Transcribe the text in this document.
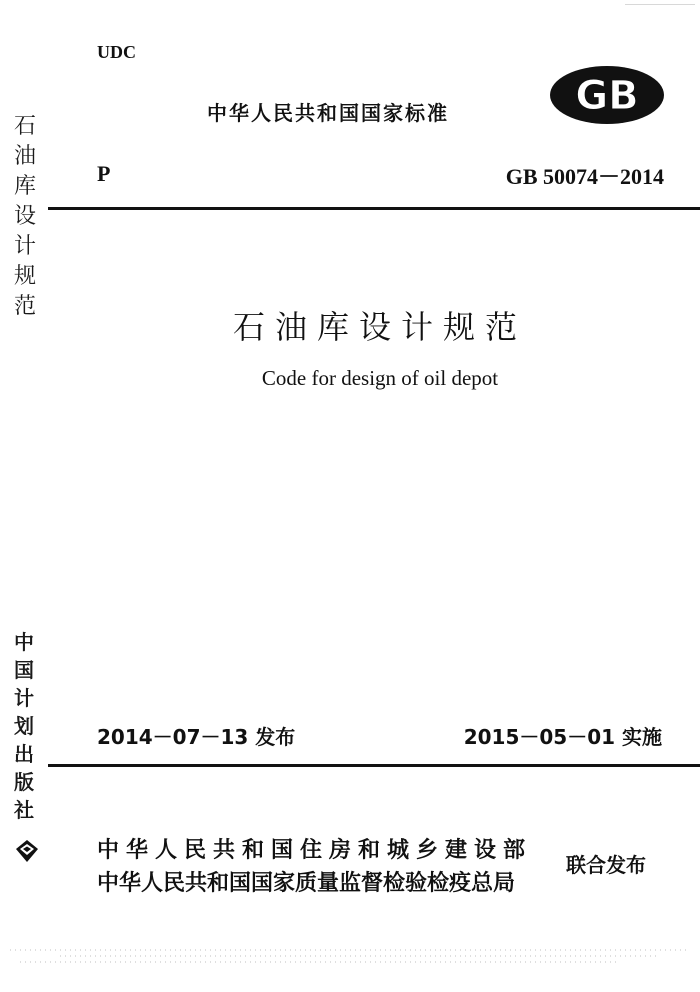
石油库设计规范
UDC
中华人民共和国国家标准	GB
P	GB 50074－2014
石油库设计规范
Code for design of oil depot
中国计划出版社
2014－07－13 发布	2015－05－01 实施
中华人民共和国住房和城乡建设部
中华人民共和国国家质量监督检验检疫总局
联合发布
